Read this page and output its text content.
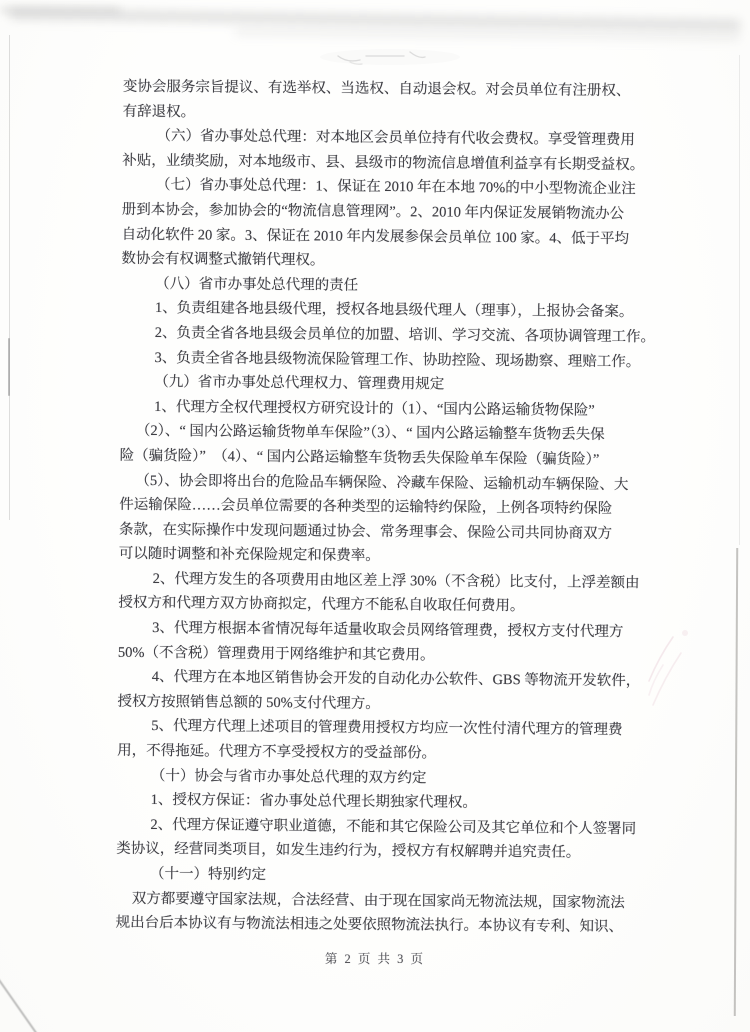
变协会服务宗旨提议、有选举权、当选权、自动退会权。对会员单位有注册权、
有辞退权。
（六）省办事处总代理：对本地区会员单位持有代收会费权。享受管理费用
补贴，业绩奖励，对本地级市、县、县级市的物流信息增值利益享有长期受益权。
（七）省办事处总代理：1、保证在 2010 年在本地 70%的中小型物流企业注
册到本协会，参加协会的“物流信息管理网”。2、2010 年内保证发展销物流办公
自动化软件 20 家。3、保证在 2010 年内发展参保会员单位 100 家。4、低于平均
数协会有权调整式撤销代理权。
（八）省市办事处总代理的责任
1、负责组建各地县级代理，授权各地县级代理人（理事），上报协会备案。
2、负责全省各地县级会员单位的加盟、培训、学习交流、各项协调管理工作。
3、负责全省各地县级物流保险管理工作、协助控险、现场勘察、理赔工作。
（九）省市办事处总代理权力、管理费用规定
1、代理方全权代理授权方研究设计的（1）、“国内公路运输货物保险”
（2）、“ 国内公路运输货物单车保险”（3）、“ 国内公路运输整车货物丢失保
险（骗货险）”　（4）、“ 国内公路运输整车货物丢失保险单车保险（骗货险）”
（5）、协会即将出台的危险品车辆保险、冷藏车保险、运输机动车辆保险、大
件运输保险……会员单位需要的各种类型的运输特约保险，上例各项特约保险
条款，在实际操作中发现问题通过协会、常务理事会、保险公司共同协商双方
可以随时调整和补充保险规定和保费率。
2、代理方发生的各项费用由地区差上浮 30%（不含税）比支付，上浮差额由
授权方和代理方双方协商拟定，代理方不能私自收取任何费用。
3、代理方根据本省情况每年适量收取会员网络管理费，授权方支付代理方
50%（不含税）管理费用于网络维护和其它费用。
4、代理方在本地区销售协会开发的自动化办公软件、GBS 等物流开发软件，
授权方按照销售总额的 50%支付代理方。
5、代理方代理上述项目的管理费用授权方均应一次性付清代理方的管理费
用，不得拖延。代理方不享受授权方的受益部份。
（十）协会与省市办事处总代理的双方约定
1、授权方保证：省办事处总代理长期独家代理权。
2、代理方保证遵守职业道德，不能和其它保险公司及其它单位和个人签署同
类协议，经营同类项目，如发生违约行为，授权方有权解聘并追究责任。
（十一）特别约定
双方都要遵守国家法规，合法经营、由于现在国家尚无物流法规，国家物流法
规出台后本协议有与物流法相违之处要依照物流法执行。本协议有专利、知识、
第 2 页 共 3 页
